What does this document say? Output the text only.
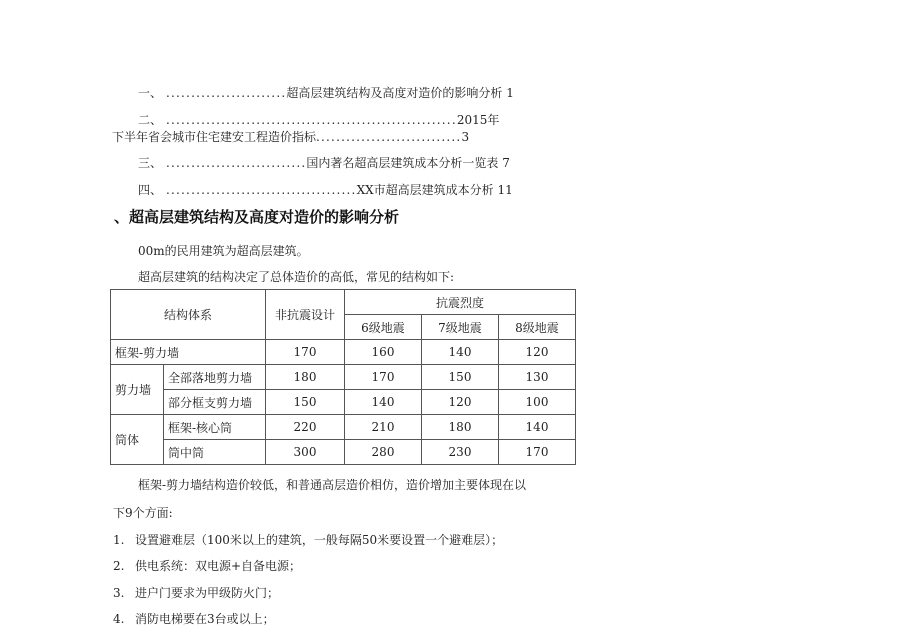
一、 ........................超高层建筑结构及高度对造价的影响分析 1
二、 ..........................................................2015年
下半年省会城市住宅建安工程造价指标.............................3
三、 ............................国内著名超高层建筑成本分析一览表 7
四、 ......................................XX市超高层建筑成本分析 11
、超高层建筑结构及高度对造价的影响分析
00m的民用建筑为超高层建筑。
超高层建筑的结构决定了总体造价的高低，常见的结构如下:
结构体系		非抗震设计	抗震烈度		
			6级地震	7级地震	8级地震
框架-剪力墙		170	160	140	120
剪力墙	全部落地剪力墙	180	170	150	130
	部分框支剪力墙	150	140	120	100
筒体	框架-核心筒	220	210	180	140
	筒中筒	300	280	230	170
框架-剪力墙结构造价较低，和普通高层造价相仿，造价增加主要体现在以
下9个方面:
1. 设置避难层（100米以上的建筑，一般每隔50米要设置一个避难层）；
2. 供电系统：双电源+自备电源；
3. 进户门要求为甲级防火门；
4. 消防电梯要在3台或以上；
